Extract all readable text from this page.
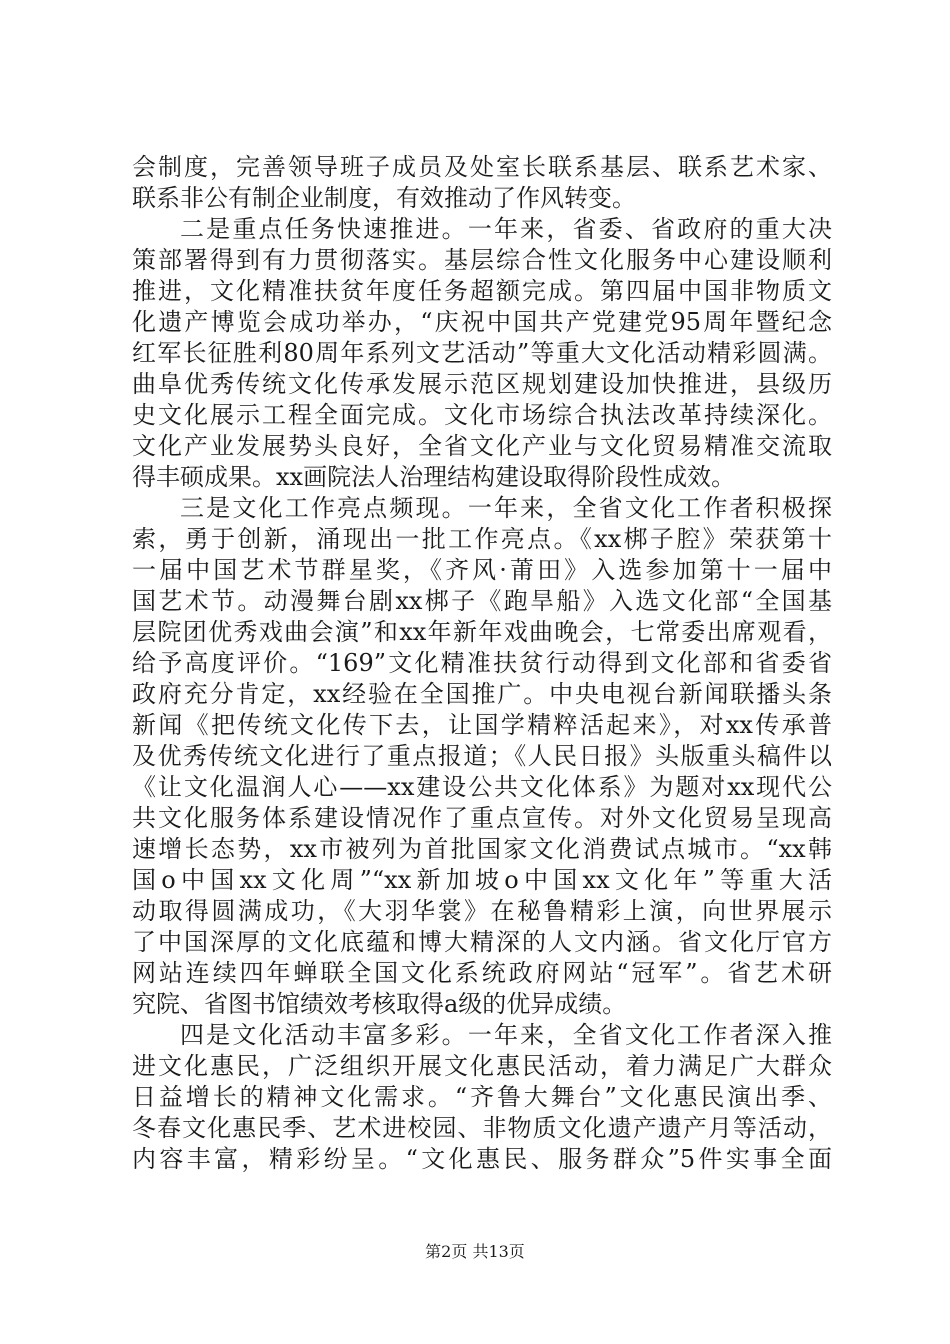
会制度，完善领导班子成员及处室长联系基层、联系艺术家、
联系非公有制企业制度，有效推动了作风转变。
二是重点任务快速推进。一年来，省委、省政府的重大决
策部署得到有力贯彻落实。基层综合性文化服务中心建设顺利
推进，文化精准扶贫年度任务超额完成。第四届中国非物质文
化遗产博览会成功举办，“庆祝中国共产党建党95周年暨纪念
红军长征胜利80周年系列文艺活动”等重大文化活动精彩圆满。
曲阜优秀传统文化传承发展示范区规划建设加快推进，县级历
史文化展示工程全面完成。文化市场综合执法改革持续深化。
文化产业发展势头良好，全省文化产业与文化贸易精准交流取
得丰硕成果。xx画院法人治理结构建设取得阶段性成效。
三是文化工作亮点频现。一年来，全省文化工作者积极探
索，勇于创新，涌现出一批工作亮点。《xx梆子腔》荣获第十
一届中国艺术节群星奖，《齐风·莆田》入选参加第十一届中
国艺术节。动漫舞台剧xx梆子《跑旱船》入选文化部“全国基
层院团优秀戏曲会演”和xx年新年戏曲晚会，七常委出席观看，
给予高度评价。“169”文化精准扶贫行动得到文化部和省委省
政府充分肯定，xx经验在全国推广。中央电视台新闻联播头条
新闻《把传统文化传下去，让国学精粹活起来》，对xx传承普
及优秀传统文化进行了重点报道；《人民日报》头版重头稿件以
《让文化温润人心——xx建设公共文化体系》为题对xx现代公
共文化服务体系建设情况作了重点宣传。对外文化贸易呈现高
速增长态势，xx市被列为首批国家文化消费试点城市。“xx韩
国o中国xx文化周”“xx新加坡o中国xx文化年”等重大活
动取得圆满成功，《大羽华裳》在秘鲁精彩上演，向世界展示
了中国深厚的文化底蕴和博大精深的人文内涵。省文化厅官方
网站连续四年蝉联全国文化系统政府网站“冠军”。省艺术研
究院、省图书馆绩效考核取得a级的优异成绩。
四是文化活动丰富多彩。一年来，全省文化工作者深入推
进文化惠民，广泛组织开展文化惠民活动，着力满足广大群众
日益增长的精神文化需求。“齐鲁大舞台”文化惠民演出季、
冬春文化惠民季、艺术进校园、非物质文化遗产遗产月等活动，
内容丰富，精彩纷呈。“文化惠民、服务群众”5件实事全面
第2页 共13页
